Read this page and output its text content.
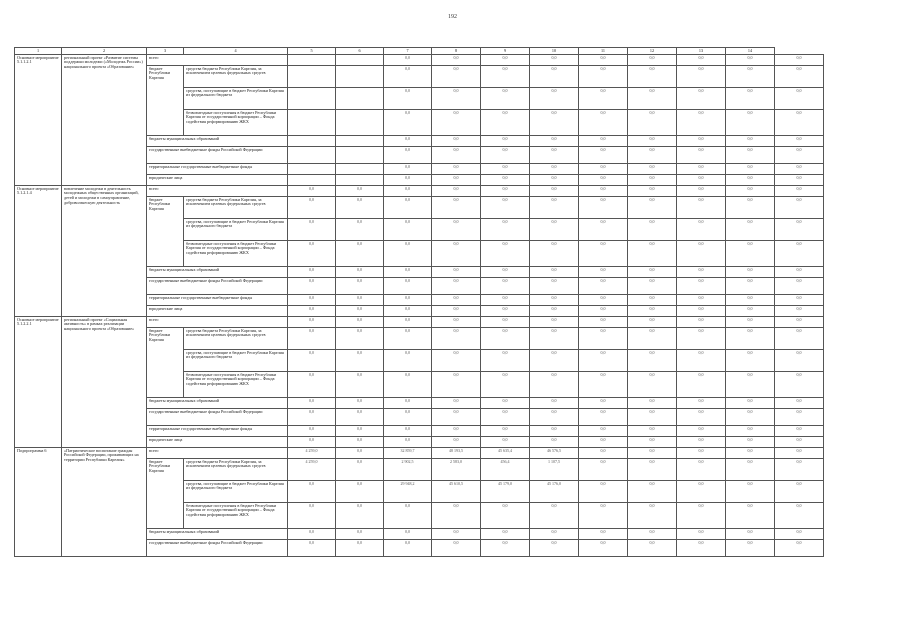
192
1	2	3	4	5	6	7	8	9	10	11	12	13	14	
Основное мероприятие 5.1.1.2.1	региональный проект «Развитие системы поддержки молодежи («Молодежь России») национального проекта «Образование»	всего				0,0	0,0	0,0	0,0	0,0	0,0	0,0	0,0	0,0
		бюджет Республики Карелия	средства бюджета Республики Карелия, за исключением целевых федеральных средств			0,0	0,0	0,0	0,0	0,0	0,0	0,0	0,0	0,0
			средства, поступающие в бюджет Республики Карелия из федерального бюджета			0,0	0,0	0,0	0,0	0,0	0,0	0,0	0,0	0,0
			безвозмездные поступления в бюджет Республики Карелия от государственной корпорации – Фонда содействия реформированию ЖКХ			0,0	0,0	0,0	0,0	0,0	0,0	0,0	0,0	0,0
		бюджеты муниципальных образований				0,0	0,0	0,0	0,0	0,0	0,0	0,0	0,0	0,0
		государственные внебюджетные фонды Российской Федерации				0,0	0,0	0,0	0,0	0,0	0,0	0,0	0,0	0,0
		территориальные государственные внебюджетные фонды				0,0	0,0	0,0	0,0	0,0	0,0	0,0	0,0	0,0
		юридические лица				0,0	0,0	0,0	0,0	0,0	0,0	0,0	0,0	0,0
Основное мероприятие 5.1.2.1.4	вовлечение молодежи в деятельность молодежных общественных организаций, детей и молодежи в самоуправление, добровольческую деятельность	всего		0,0	0,0	0,0	0,0	0,0	0,0	0,0	0,0	0,0	0,0	0,0
		бюджет Республики Карелия	средства бюджета Республики Карелия, за исключением целевых федеральных средств	0,0	0,0	0,0	0,0	0,0	0,0	0,0	0,0	0,0	0,0	0,0
			средства, поступающие в бюджет Республики Карелия из федерального бюджета	0,0	0,0	0,0	0,0	0,0	0,0	0,0	0,0	0,0	0,0	0,0
			безвозмездные поступления в бюджет Республики Карелия от государственной корпорации – Фонда содействия реформированию ЖКХ	0,0	0,0	0,0	0,0	0,0	0,0	0,0	0,0	0,0	0,0	0,0
		бюджеты муниципальных образований		0,0	0,0	0,0	0,0	0,0	0,0	0,0	0,0	0,0	0,0	0,0
		государственные внебюджетные фонды Российской Федерации		0,0	0,0	0,0	0,0	0,0	0,0	0,0	0,0	0,0	0,0	0,0
		территориальные государственные внебюджетные фонды		0,0	0,0	0,0	0,0	0,0	0,0	0,0	0,0	0,0	0,0	0,0
		юридические лица		0,0	0,0	0,0	0,0	0,0	0,0	0,0	0,0	0,0	0,0	0,0
Основное мероприятие 5.1.2.2.1	региональный проект «Социальная активность» в рамках реализации национального проекта «Образование»	всего		0,0	0,0	0,0	0,0	0,0	0,0	0,0	0,0	0,0	0,0	0,0
		бюджет Республики Карелия	средства бюджета Республики Карелия, за исключением целевых федеральных средств	0,0	0,0	0,0	0,0	0,0	0,0	0,0	0,0	0,0	0,0	0,0
			средства, поступающие в бюджет Республики Карелия из федерального бюджета	0,0	0,0	0,0	0,0	0,0	0,0	0,0	0,0	0,0	0,0	0,0
			безвозмездные поступления в бюджет Республики Карелия от государственной корпорации – Фонда содействия реформированию ЖКХ	0,0	0,0	0,0	0,0	0,0	0,0	0,0	0,0	0,0	0,0	0,0
		бюджеты муниципальных образований		0,0	0,0	0,0	0,0	0,0	0,0	0,0	0,0	0,0	0,0	0,0
		государственные внебюджетные фонды Российской Федерации		0,0	0,0	0,0	0,0	0,0	0,0	0,0	0,0	0,0	0,0	0,0
		территориальные государственные внебюджетные фонды		0,0	0,0	0,0	0,0	0,0	0,0	0,0	0,0	0,0	0,0	0,0
		юридические лица		0,0	0,0	0,0	0,0	0,0	0,0	0,0	0,0	0,0	0,0	0,0
Подпрограмма 6	«Патриотическое воспитание граждан Российской Федерации, проживающих на территории Республики Карелия»	всего		4 259,0	0,0	32 859,7	48 193,5	45 635,4	46 576,5	0,0	0,0	0,0	0,0	0,0
		бюджет Республики Карелия	средства бюджета Республики Карелия, за исключением целевых федеральных средств	4 259,0	0,0	2 902,5	2 583,0	456,4	1 107,5	0,0	0,0	0,0	0,0	0,0
			средства, поступающие в бюджет Республики Карелия из федерального бюджета	0,0	0,0	29 948,2	45 610,5	45 179,0	45 176,0	0,0	0,0	0,0	0,0	0,0
			безвозмездные поступления в бюджет Республики Карелия от государственной корпорации – Фонда содействия реформированию ЖКХ	0,0	0,0	0,0	0,0	0,0	0,0	0,0	0,0	0,0	0,0	0,0
		бюджеты муниципальных образований		0,0	0,0	0,0	0,0	0,0	0,0	0,0	0,0	0,0	0,0	0,0
		государственные внебюджетные фонды Российской Федерации		0,0	0,0	0,0	0,0	0,0	0,0	0,0	0,0	0,0	0,0	0,0
